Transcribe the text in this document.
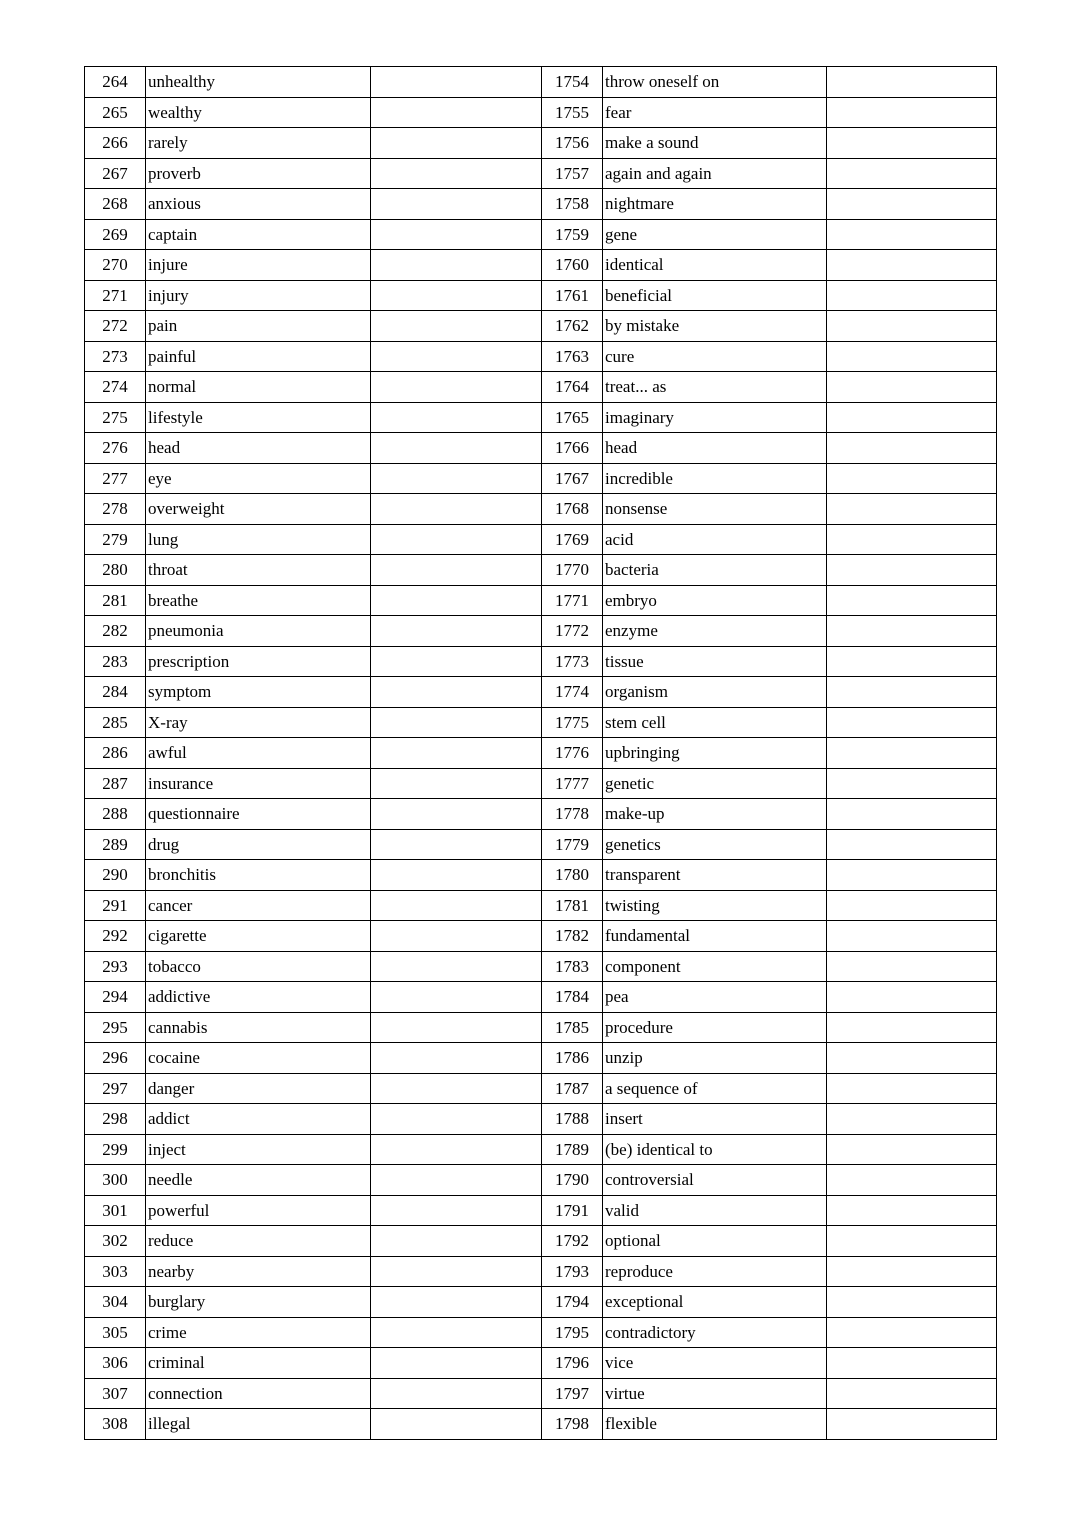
264	unhealthy		1754	throw oneself on	
265	wealthy		1755	fear	
266	rarely		1756	make a sound	
267	proverb		1757	again and again	
268	anxious		1758	nightmare	
269	captain		1759	gene	
270	injure		1760	identical	
271	injury		1761	beneficial	
272	pain		1762	by mistake	
273	painful		1763	cure	
274	normal		1764	treat... as	
275	lifestyle		1765	imaginary	
276	head		1766	head	
277	eye		1767	incredible	
278	overweight		1768	nonsense	
279	lung		1769	acid	
280	throat		1770	bacteria	
281	breathe		1771	embryo	
282	pneumonia		1772	enzyme	
283	prescription		1773	tissue	
284	symptom		1774	organism	
285	X-ray		1775	stem cell	
286	awful		1776	upbringing	
287	insurance		1777	genetic	
288	questionnaire		1778	make-up	
289	drug		1779	genetics	
290	bronchitis		1780	transparent	
291	cancer		1781	twisting	
292	cigarette		1782	fundamental	
293	tobacco		1783	component	
294	addictive		1784	pea	
295	cannabis		1785	procedure	
296	cocaine		1786	unzip	
297	danger		1787	a sequence of	
298	addict		1788	insert	
299	inject		1789	(be) identical to	
300	needle		1790	controversial	
301	powerful		1791	valid	
302	reduce		1792	optional	
303	nearby		1793	reproduce	
304	burglary		1794	exceptional	
305	crime		1795	contradictory	
306	criminal		1796	vice	
307	connection		1797	virtue	
308	illegal		1798	flexible	
